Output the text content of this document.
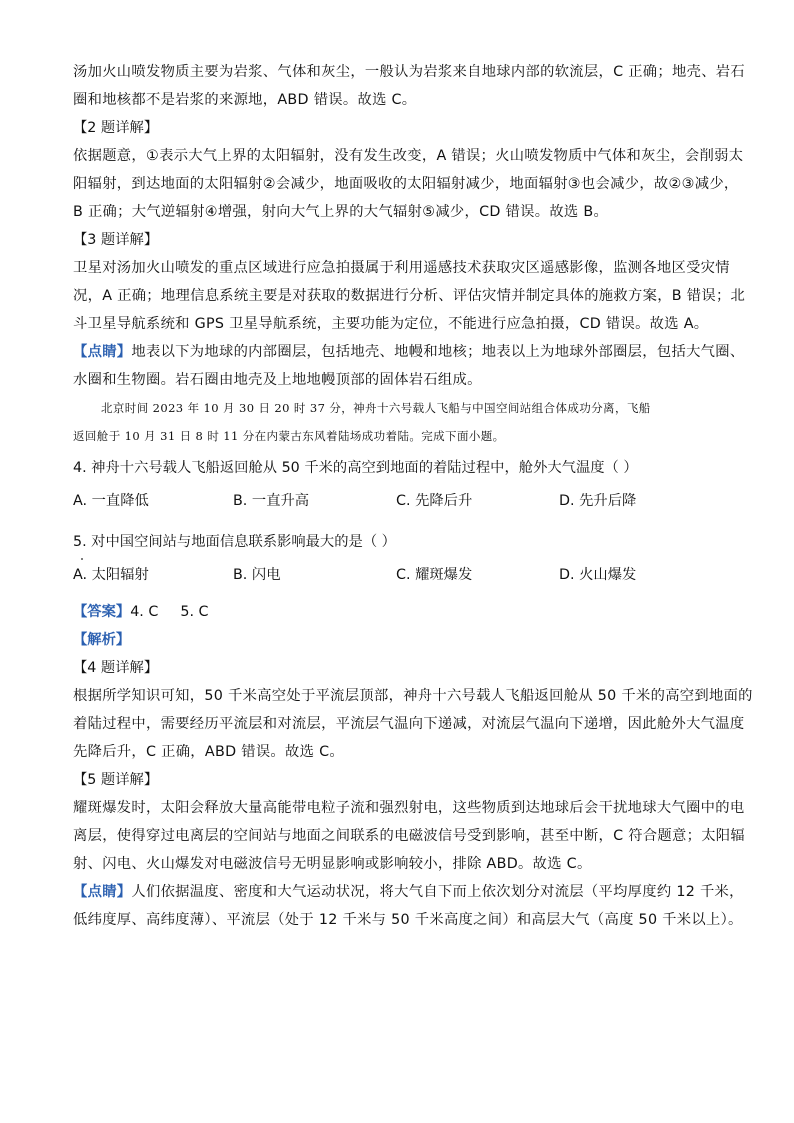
汤加火山喷发物质主要为岩浆、气体和灰尘，一般认为岩浆来自地球内部的软流层，C 正确；地壳、岩石
圈和地核都不是岩浆的来源地，ABD 错误。故选 C。

【2 题详解】

依据题意，①表示大气上界的太阳辐射，没有发生改变，A 错误；火山喷发物质中气体和灰尘，会削弱太
阳辐射，到达地面的太阳辐射②会减少，地面吸收的太阳辐射减少，地面辐射③也会减少，故②③减少，
B 正确；大气逆辐射④增强，射向大气上界的大气辐射⑤减少，CD 错误。故选 B。

【3 题详解】

卫星对汤加火山喷发的重点区域进行应急拍摄属于利用遥感技术获取灾区遥感影像，监测各地区受灾情
况，A 正确；地理信息系统主要是对获取的数据进行分析、评估灾情并制定具体的施救方案，B 错误；北
斗卫星导航系统和 GPS 卫星导航系统，主要功能为定位，不能进行应急拍摄，CD 错误。故选 A。

【点睛】地表以下为地球的内部圈层，包括地壳、地幔和地核；地表以上为地球外部圈层，包括大气圈、
水圈和生物圈。岩石圈由地壳及上地地幔顶部的固体岩石组成。

北京时间 2023 年 10 月 30 日 20 时 37 分，神舟十六号载人飞船与中国空间站组合体成功分离，飞船
返回舱于 10 月 31 日 8 时 11 分在内蒙古东风着陆场成功着陆。完成下面小题。

4. 神舟十六号载人飞船返回舱从 50 千米的高空到地面的着陆过程中，舱外大气温度（ ）

A. 一直降低	B. 一直升高	C. 先降后升	D. 先升后降

5. 对中国空间站与地面信息联系影响最大的是（ ）

A. 太阳辐射	B. 闪电	C. 耀斑爆发	D. 火山爆发
【答案】4. C 5. C
【解析】

【4 题详解】

根据所学知识可知，50 千米高空处于平流层顶部，神舟十六号载人飞船返回舱从 50 千米的高空到地面的
着陆过程中，需要经历平流层和对流层，平流层气温向下递减，对流层气温向下递增，因此舱外大气温度
先降后升，C 正确，ABD 错误。故选 C。

【5 题详解】

耀斑爆发时，太阳会释放大量高能带电粒子流和强烈射电，这些物质到达地球后会干扰地球大气圈中的电
离层，使得穿过电离层的空间站与地面之间联系的电磁波信号受到影响，甚至中断，C 符合题意；太阳辐
射、闪电、火山爆发对电磁波信号无明显影响或影响较小，排除 ABD。故选 C。

【点睛】人们依据温度、密度和大气运动状况，将大气自下而上依次划分对流层（平均厚度约 12 千米，
低纬度厚、高纬度薄）、平流层（处于 12 千米与 50 千米高度之间）和高层大气（高度 50 千米以上）。
